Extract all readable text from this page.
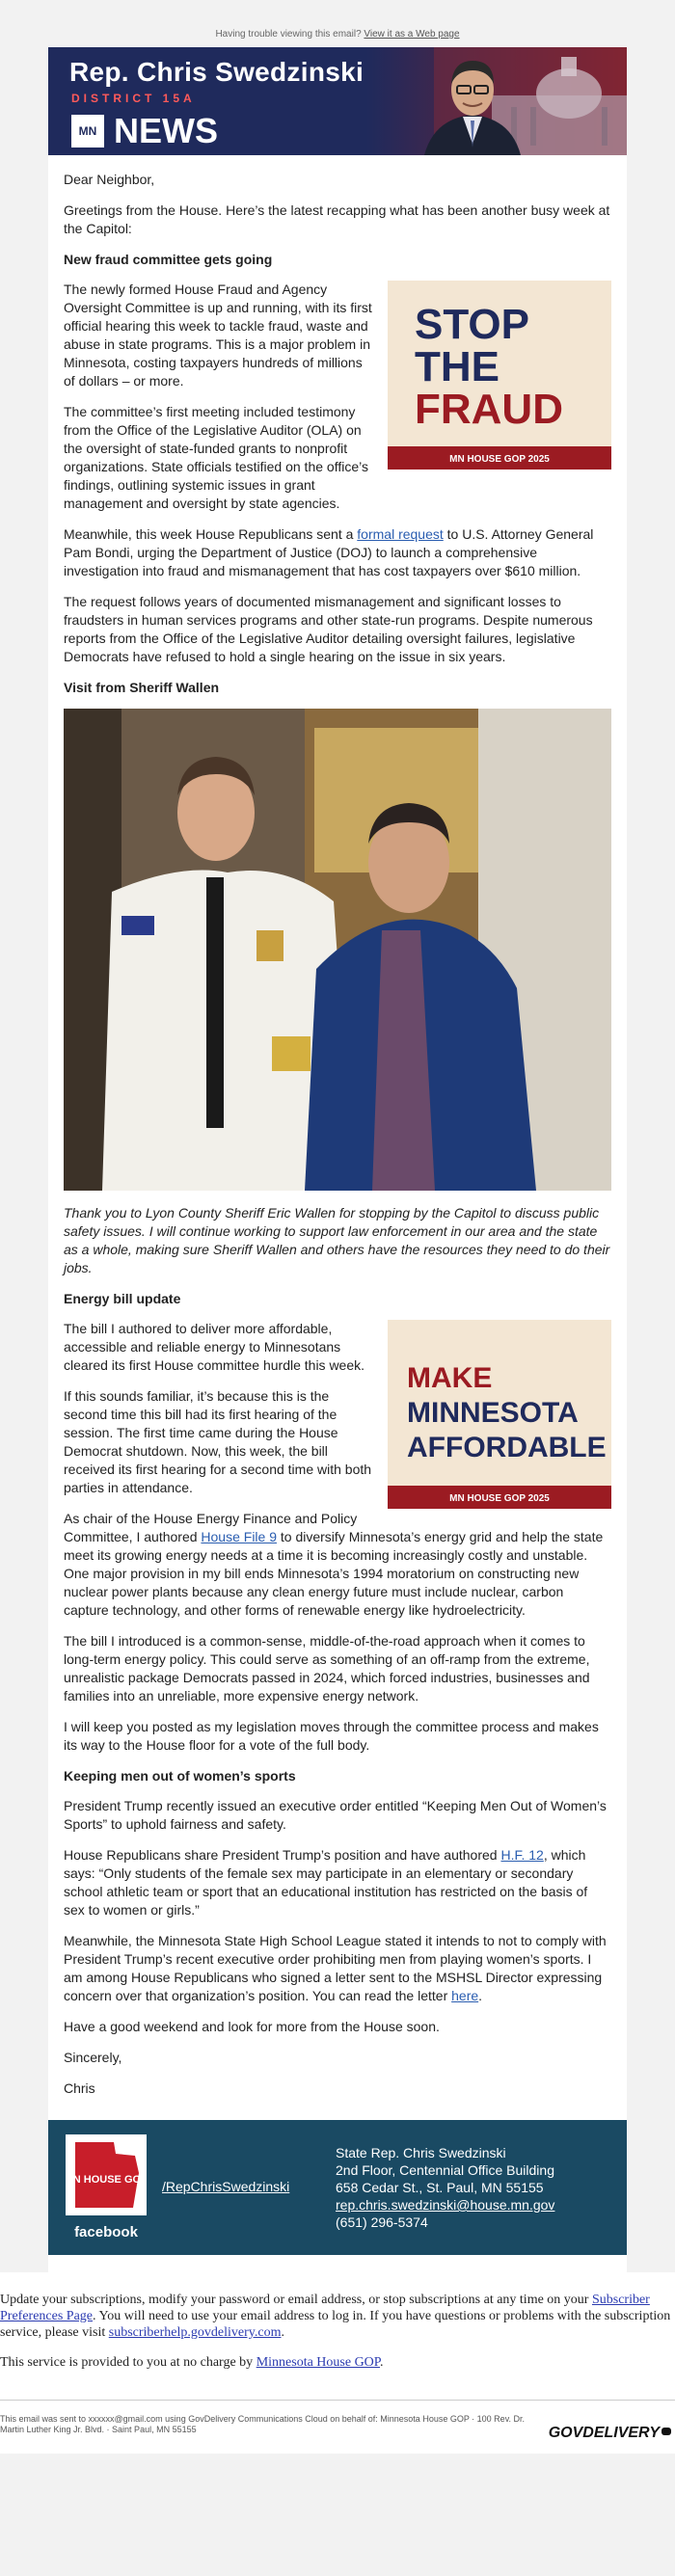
Having trouble viewing this email? View it as a Web page
Rep. Chris Swedzinski
DISTRICT 15A
MN NEWS

Dear Neighbor,

Greetings from the House. Here’s the latest recapping what has been another busy week at the Capitol:

New fraud committee gets going
STOP
THE
FRAUD
MN HOUSE GOP 2025

The newly formed House Fraud and Agency Oversight Committee is up and running, with its first official hearing this week to tackle fraud, waste and abuse in state programs. This is a major problem in Minnesota, costing taxpayers hundreds of millions of dollars – or more.

The committee’s first meeting included testimony from the Office of the Legislative Auditor (OLA) on the oversight of state-funded grants to nonprofit organizations. State officials testified on the office’s findings, outlining systemic issues in grant management and oversight by state agencies.

Meanwhile, this week House Republicans sent a formal request to U.S. Attorney General Pam Bondi, urging the Department of Justice (DOJ) to launch a comprehensive investigation into fraud and mismanagement that has cost taxpayers over $610 million.

The request follows years of documented mismanagement and significant losses to fraudsters in human services programs and other state-run programs. Despite numerous reports from the Office of the Legislative Auditor detailing oversight failures, legislative Democrats have refused to hold a single hearing on the issue in six years.

Visit from Sheriff Wallen

Thank you to Lyon County Sheriff Eric Wallen for stopping by the Capitol to discuss public safety issues. I will continue working to support law enforcement in our area and the state as a whole, making sure Sheriff Wallen and others have the resources they need to do their jobs.

Energy bill update
MAKE
MINNESOTA
AFFORDABLE
MN HOUSE GOP 2025

The bill I authored to deliver more affordable, accessible and reliable energy to Minnesotans cleared its first House committee hurdle this week.

If this sounds familiar, it’s because this is the second time this bill had its first hearing of the session. The first time came during the House Democrat shutdown. Now, this week, the bill received its first hearing for a second time with both parties in attendance.

As chair of the House Energy Finance and Policy Committee, I authored House File 9 to diversify Minnesota’s energy grid and help the state meet its growing energy needs at a time it is becoming increasingly costly and unstable. One major provision in my bill ends Minnesota’s 1994 moratorium on constructing new nuclear power plants because any clean energy future must include nuclear, carbon capture technology, and other forms of renewable energy like hydroelectricity.

The bill I introduced is a common-sense, middle-of-the-road approach when it comes to long-term energy policy. This could serve as something of an off-ramp from the extreme, unrealistic package Democrats passed in 2024, which forced industries, businesses and families into an unreliable, more expensive energy network.

I will keep you posted as my legislation moves through the committee process and makes its way to the House floor for a vote of the full body.

Keeping men out of women’s sports

President Trump recently issued an executive order entitled “Keeping Men Out of Women’s Sports” to uphold fairness and safety.

House Republicans share President Trump’s position and have authored H.F. 12, which says: “Only students of the female sex may participate in an elementary or secondary school athletic team or sport that an educational institution has restricted on the basis of sex to women or girls.”

Meanwhile, the Minnesota State High School League stated it intends to not to comply with President Trump’s recent executive order prohibiting men from playing women’s sports. I am among House Republicans who signed a letter sent to the MSHSL Director expressing concern over that organization’s position. You can read the letter here.

Have a good weekend and look for more from the House soon.

Sincerely,

Chris

MN HOUSE GOP
facebook
/RepChrisSwedzinski
State Rep. Chris Swedzinski
2nd Floor, Centennial Office Building
658 Cedar St., St. Paul, MN 55155
rep.chris.swedzinski@house.mn.gov
(651) 296-5374

Update your subscriptions, modify your password or email address, or stop subscriptions at any time on your Subscriber Preferences Page. You will need to use your email address to log in. If you have questions or problems with the subscription service, please visit subscriberhelp.govdelivery.com.

This service is provided to you at no charge by Minnesota House GOP.

This email was sent to xxxxxx@gmail.com using GovDelivery Communications Cloud on behalf of: Minnesota House GOP · 100 Rev. Dr. Martin Luther King Jr. Blvd. · Saint Paul, MN 55155	GOVDELIVERY
